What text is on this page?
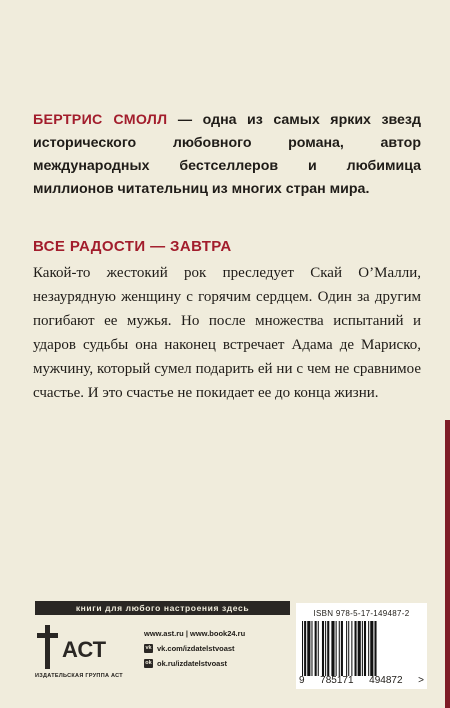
БЕРТРИС СМОЛЛ — одна из самых ярких звезд исторического любовного романа, автор международных бестселлеров и любимица миллионов читательниц из многих стран мира.
ВСЕ РАДОСТИ — ЗАВТРА
Какой-то жестокий рок преследует Скай О’Малли, незаурядную женщину с горячим сердцем. Один за другим погибают ее мужья. Но после множества испытаний и ударов судьбы она наконец встречает Адама де Мариско, мужчину, который сумел подарить ей ни с чем не сравнимое счастье. И это счастье не покидает ее до конца жизни.
книги для любого настроения здесь
АСТ
ИЗДАТЕЛЬСКАЯ ГРУППА АСТ
www.ast.ru | www.book24.ru
vk vk.com/izdatelstvoast
ok ok.ru/izdatelstvoast
ISBN 978-5-17-149487-2
9 785171 494872 >
